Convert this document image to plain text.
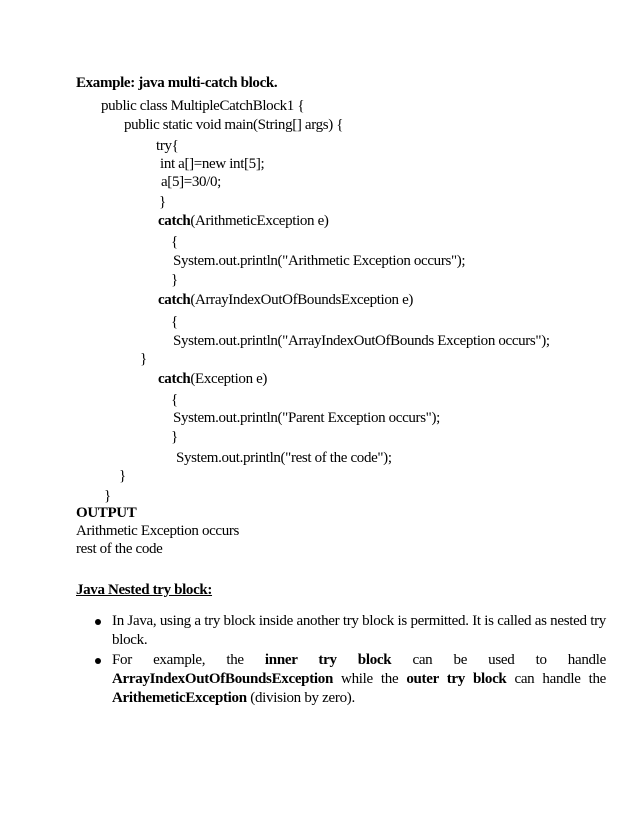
Example: java multi-catch block.
public class MultipleCatchBlock1 {
public static void main(String[] args) {
try{
int a[]=new int[5];
a[5]=30/0;
}
catch(ArithmeticException e)
{
System.out.println("Arithmetic Exception occurs");
}
catch(ArrayIndexOutOfBoundsException e)
{
System.out.println("ArrayIndexOutOfBounds Exception occurs");
}
catch(Exception e)
{
System.out.println("Parent Exception occurs");
}
System.out.println("rest of the code");
}
}
OUTPUT
Arithmetic Exception occurs
rest of the code
Java Nested try block:
In Java, using a try block inside another try block is permitted. It is called as nested try block.
For example, the inner try block can be used to handle ArrayIndexOutOfBoundsException while the outer try block can handle the ArithemeticException (division by zero).
